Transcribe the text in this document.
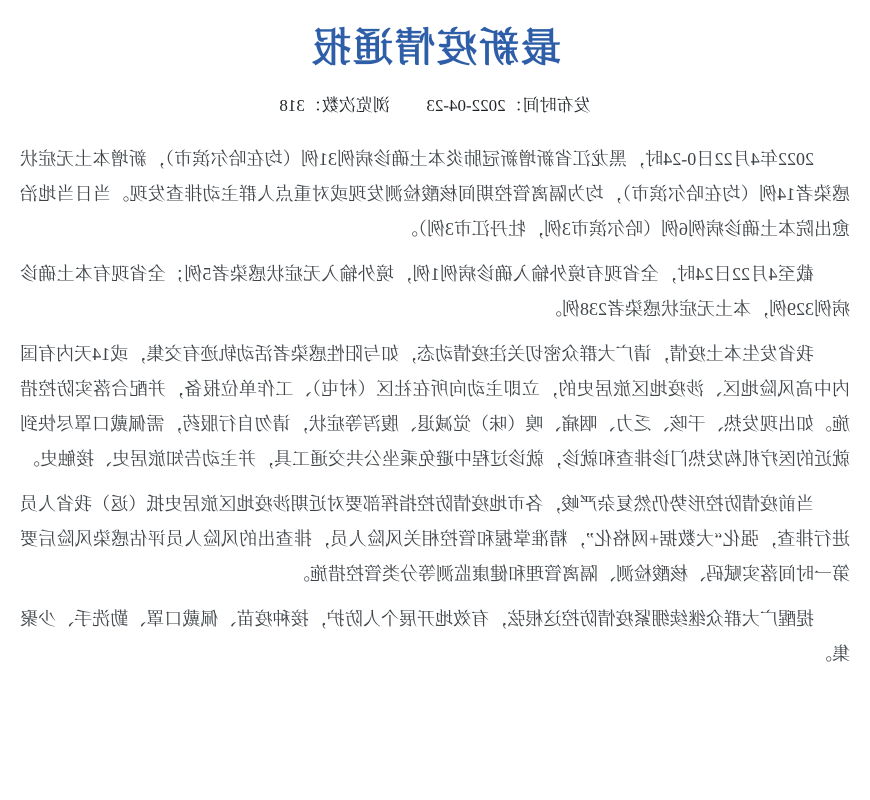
最新疫情通报
发布时间：2022-04-23  浏览次数：318

2022年4月22日0-24时，黑龙江省新增新冠肺炎本土确诊病例31例（均在哈尔滨市），新增本土无症状感染者14例（均在哈尔滨市），均为隔离管控期间核酸检测发现或对重点人群主动排查发现。当日当地治愈出院本土确诊病例6例（哈尔滨市3例，牡丹江市3例）。

截至4月22日24时，全省现有境外输入确诊病例1例，境外输入无症状感染者5例；全省现有本土确诊病例329例，本土无症状感染者238例。

我省发生本土疫情，请广大群众密切关注疫情动态，如与阳性感染者活动轨迹有交集，或14天内有国内中高风险地区、涉疫地区旅居史的，立即主动向所在社区（村屯）、工作单位报备，并配合落实防控措施。如出现发热、干咳、乏力、咽痛、嗅（味）觉减退、腹泻等症状，请勿自行服药，需佩戴口罩尽快到就近的医疗机构发热门诊排查和就诊，就诊过程中避免乘坐公共交通工具，并主动告知旅居史、接触史。

当前疫情防控形势仍然复杂严峻，各市地疫情防控指挥部要对近期涉疫地区旅居史抵（返）我省人员进行排查，强化“大数据+网格化”，精准掌握和管控相关风险人员，排查出的风险人员评估感染风险后要第一时间落实赋码、核酸检测、隔离管理和健康监测等分类管控措施。

提醒广大群众继续绷紧疫情防控这根弦，有效地开展个人防护，接种疫苗、佩戴口罩、勤洗手、少聚集。
